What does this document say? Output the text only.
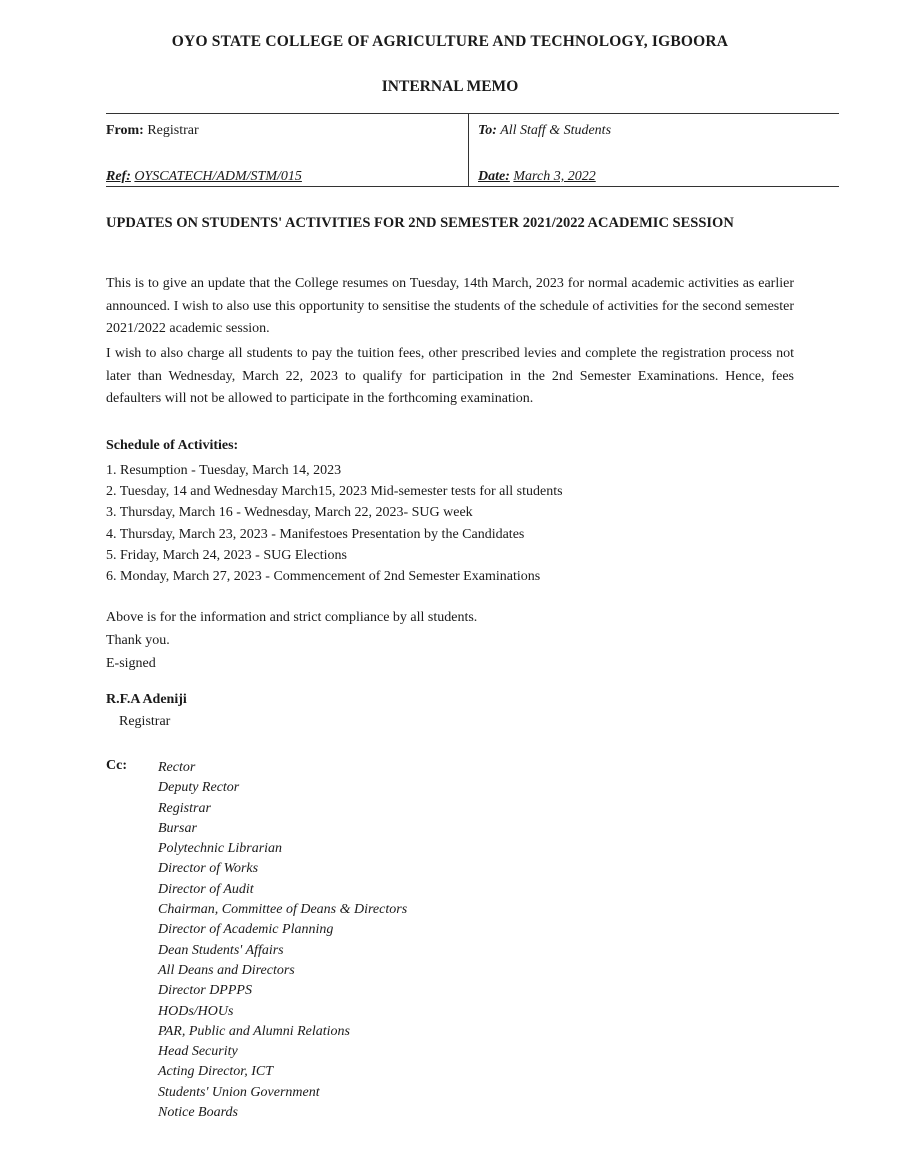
OYO STATE COLLEGE OF AGRICULTURE AND TECHNOLOGY, IGBOORA
INTERNAL MEMO
From: Registrar
Ref: OYSCATECH/ADM/STM/015
To: All Staff & Students
Date: March 3, 2022
UPDATES ON STUDENTS' ACTIVITIES FOR 2ND SEMESTER 2021/2022 ACADEMIC SESSION

This is to give an update that the College resumes on Tuesday, 14th March, 2023 for normal academic activities as earlier announced. I wish to also use this opportunity to sensitise the students of the schedule of activities for the second semester 2021/2022 academic session.

I wish to also charge all students to pay the tuition fees, other prescribed levies and complete the registration process not later than Wednesday, March 22, 2023 to qualify for participation in the 2nd Semester Examinations. Hence, fees defaulters will not be allowed to participate in the forthcoming examination.

Schedule of Activities:
1. Resumption - Tuesday, March 14, 2023
2. Tuesday, 14 and Wednesday March15, 2023 Mid-semester tests for all students
3. Thursday, March 16 - Wednesday, March 22, 2023- SUG week
4. Thursday, March 23, 2023 - Manifestoes Presentation by the Candidates
5. Friday, March 24, 2023 - SUG Elections
6. Monday, March 27, 2023 - Commencement of 2nd Semester Examinations
Above is for the information and strict compliance by all students.
Thank you.
E-signed
R.F.A Adeniji
Registrar
Cc: Rector
Deputy Rector
Registrar
Bursar
Polytechnic Librarian
Director of Works
Director of Audit
Chairman, Committee of Deans & Directors
Director of Academic Planning
Dean Students' Affairs
All Deans and Directors
Director DPPPS
HODs/HOUs
PAR, Public and Alumni Relations
Head Security
Acting Director, ICT
Students' Union Government
Notice Boards
